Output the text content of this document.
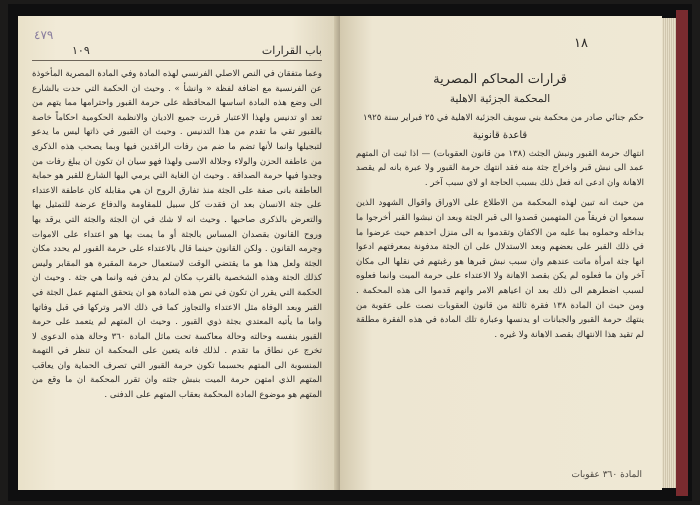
٤٧٩
باب القرارات
١٠٩

وعما متفقان في النص الاصلي الفرنسي لهذه المادة وفي المادة المصرية المأخوذة عن الفرنسية مع اضافة لفظة « وانشأ » . وحيث ان الحكمة التي حدت بالشارع الى وضع هذه المادة اساسها المحافظة على حرمة القبور واحترامها مما يتهم من تعد او تدنيس ولهذا الاعتبار قررت جميع الاديان والانظمة الحكومية احكاماً خاصة بالقبور تقي ما تقدم من هذا التدنيس . وحيث ان القبور في ذاتها ليس ما يدعو لتبجيلها وانما لأنها تضم ما ضم من رفات الراقدين فيها وبما يصحب هذه الذكرى من عاطفة الحزن والولاء وجلالة الاسى ولهذا فهو سيان ان تكون ان يبلغ رفات من وجدوا فيها حرمة الصداقة . وحيث ان الغاية التي يرمي اليها الشارع للقبر هو حماية العاطفة بانى صفة على الجثة منذ تفارق الروح ان هي مقابلة كان عاطفة الاعتداء على جثة الانسان بعد ان فقدت كل سبيل للمقاومة والدفاع عرضة للتمثيل بها والتعرض بالذكرى صاحبها . وحيث انه لا شك في ان الجثة والجثة التي يرقد بها وروح القانون بقصدان المساس بالجثة أو ما يمت بها هو اعتداء على الاموات وجرمه القانون . ولكن القانون حينما قال بالاعتداء على حرمة القبور لم يحدد مكان الجثة ولعل هذا هو ما يقتضي الوقت لاستعمال حرمة المقبرة هو المقابر وليس كذلك الجثة وهذه الشخصية بالقرب مكان لم يدفن فيه وانما هي جثة . وحيث ان الحكمة التي يقرر ان تكون في نص هذه المادة هو ان يتحقق المتهم عمل الجثة في القبر وبعد الوفاة مثل الاعتداء والتجاوز كما في ذلك الامر وتركها في قبل وفاتها واما ما يأتيه المعتدي بجثة ذوي القبور . وحيث ان المتهم لم يتعمد على حرمة القبور بنفسه وحالته وحالة معاكسة تحت ماثل المادة ٣٦٠ وحالة هذه الدعوى لا تخرج عن نطاق ما تقدم . لذلك فانه يتعين على المحكمة ان تنظر في التهمة المنسوبة الى المتهم بحسبما تكون حرمة القبور التي تصرف الحماية وان يعاقب المتهم الذي امتهن حرمة الميت بنبش جثته وان تقرر المحكمة ان ما وقع من المتهم هو موضوع المادة المحكمة بعقاب المتهم على الدفنى .

١٨
قرارات المحاكم المصرية
المحكمة الجزئية الاهلية

حكم جنائي صادر من محكمة بني سويف الجزئية الاهلية في ٢٥ فبراير سنة ١٩٢٥

قاعدة قانونية

انتهاك حرمة القبور ونبش الجثث (١٣٨ من قانون العقوبات) — اذا ثبت ان المتهم عمد الى نبش قبر واخراج جثة منه فقد انتهك حرمة القبور ولا عبرة بانه لم يقصد الاهانة وان ادعى انه فعل ذلك بسبب الحاجة او لاي سبب آخر .

من حيث انه تبين لهذه المحكمة من الاطلاع على الاوراق واقوال الشهود الذين سمعوا ان فريقاً من المتهمين قصدوا الى قبر الجثة وبعد ان نبشوا القبر أخرجوا ما بداخله وحملوه بما عليه من الاكفان وتقدموا به الى منزل احدهم حيث عرضوا ما في ذلك القبر على بعضهم وبعد الاستدلال على ان الجثة مدفونة بمعرفتهم ادعوا انها جثة امرأة ماتت عندهم وان سبب نبش قبرها هو رغبتهم في نقلها الى مكان آخر وان ما فعلوه لم يكن بقصد الاهانة ولا الاعتداء على حرمة الميت وانما فعلوه لسبب اضطرهم الى ذلك بعد ان اعياهم الامر وانهم قدموا الى هذه المحكمة . ومن حيث ان المادة ١٣٨ فقرة ثالثة من قانون العقوبات نصت على عقوبة من ينتهك حرمة القبور والجبانات او يدنسها وعبارة تلك المادة في هذه الفقرة مطلقة لم تقيد هذا الانتهاك بقصد الاهانة ولا غيره .

المادة ٣٦٠ عقوبات
